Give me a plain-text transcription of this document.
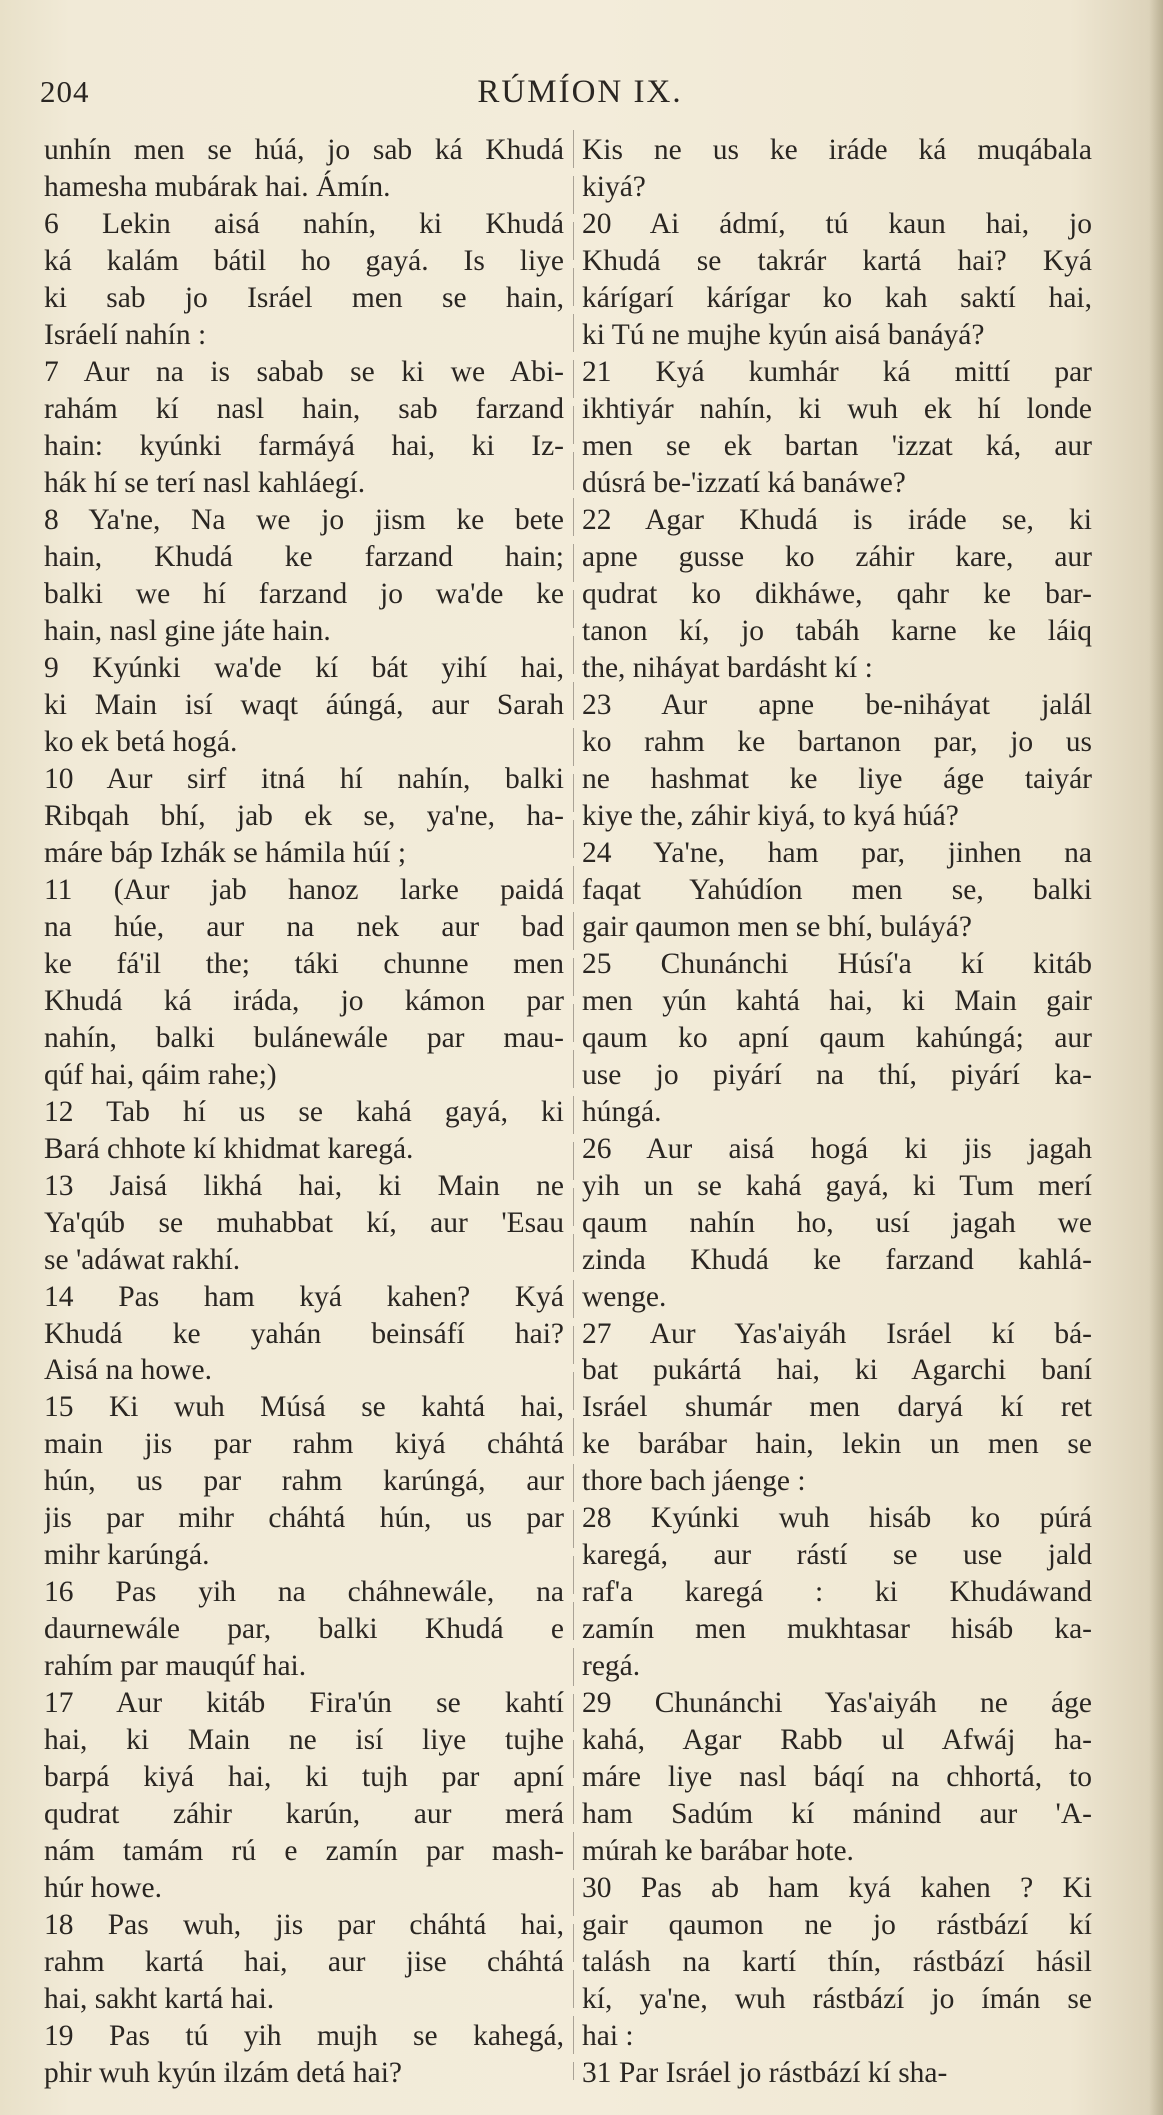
204	RÚMÍON IX.
unhín men se húá, jo sab ká Khudá
hamesha mubárak hai. Ámín.
6 Lekin aisá nahín, ki Khudá
ká kalám bátil ho gayá. Is liye
ki sab jo Isráel men se hain,
Isráelí nahín :
7 Aur na is sabab se ki we Abi-
rahám kí nasl hain, sab farzand
hain: kyúnki farmáyá hai, ki Iz-
hák hí se terí nasl kahláegí.
8 Ya'ne, Na we jo jism ke bete
hain, Khudá ke farzand hain;
balki we hí farzand jo wa'de ke
hain, nasl gine játe hain.
9 Kyúnki wa'de kí bát yihí hai,
ki Main isí waqt áúngá, aur Sarah
ko ek betá hogá.
10 Aur sirf itná hí nahín, balki
Ribqah bhí, jab ek se, ya'ne, ha-
máre báp Izhák se hámila húí ;
11 (Aur jab hanoz larke paidá
na húe, aur na nek aur bad
ke fá'il the; táki chunne men
Khudá ká iráda, jo kámon par
nahín, balki bulánewále par mau-
qúf hai, qáim rahe;)
12 Tab hí us se kahá gayá, ki
Bará chhote kí khidmat karegá.
13 Jaisá likhá hai, ki Main ne
Ya'qúb se muhabbat kí, aur 'Esau
se 'adáwat rakhí.
14 Pas ham kyá kahen? Kyá
Khudá ke yahán beinsáfí hai?
Aisá na howe.
15 Ki wuh Músá se kahtá hai,
main jis par rahm kiyá cháhtá
hún, us par rahm karúngá, aur
jis par mihr cháhtá hún, us par
mihr karúngá.
16 Pas yih na cháhnewále, na
daurnewále par, balki Khudá e
rahím par mauqúf hai.
17 Aur kitáb Fira'ún se kahtí
hai, ki Main ne isí liye tujhe
barpá kiyá hai, ki tujh par apní
qudrat záhir karún, aur merá
nám tamám rú e zamín par mash-
húr howe.
18 Pas wuh, jis par cháhtá hai,
rahm kartá hai, aur jise cháhtá
hai, sakht kartá hai.
19 Pas tú yih mujh se kahegá,
phir wuh kyún ilzám detá hai?
Kis ne us ke iráde ká muqábala
kiyá?
20 Ai ádmí, tú kaun hai, jo
Khudá se takrár kartá hai? Kyá
kárígarí kárígar ko kah saktí hai,
ki Tú ne mujhe kyún aisá banáyá?
21 Kyá kumhár ká mittí par
ikhtiyár nahín, ki wuh ek hí londe
men se ek bartan 'izzat ká, aur
dúsrá be-'izzatí ká banáwe?
22 Agar Khudá is iráde se, ki
apne gusse ko záhir kare, aur
qudrat ko dikháwe, qahr ke bar-
tanon kí, jo tabáh karne ke láiq
the, niháyat bardásht kí :
23 Aur apne be-niháyat jalál
ko rahm ke bartanon par, jo us
ne hashmat ke liye áge taiyár
kiye the, záhir kiyá, to kyá húá?
24 Ya'ne, ham par, jinhen na
faqat Yahúdíon men se, balki
gair qaumon men se bhí, buláyá?
25 Chunánchi Húsí'a kí kitáb
men yún kahtá hai, ki Main gair
qaum ko apní qaum kahúngá; aur
use jo piyárí na thí, piyárí ka-
húngá.
26 Aur aisá hogá ki jis jagah
yih un se kahá gayá, ki Tum merí
qaum nahín ho, usí jagah we
zinda Khudá ke farzand kahlá-
wenge.
27 Aur Yas'aiyáh Isráel kí bá-
bat pukártá hai, ki Agarchi baní
Isráel shumár men daryá kí ret
ke barábar hain, lekin un men se
thore bach jáenge :
28 Kyúnki wuh hisáb ko púrá
karegá, aur rástí se use jald
raf'a karegá : ki Khudáwand
zamín men mukhtasar hisáb ka-
regá.
29 Chunánchi Yas'aiyáh ne áge
kahá, Agar Rabb ul Afwáj ha-
máre liye nasl báqí na chhortá, to
ham Sadúm kí mánind aur 'A-
múrah ke barábar hote.
30 Pas ab ham kyá kahen ? Ki
gair qaumon ne jo rástbází kí
talásh na kartí thín, rástbází hásil
kí, ya'ne, wuh rástbází jo ímán se
hai :
31 Par Isráel jo rástbází kí sha-
